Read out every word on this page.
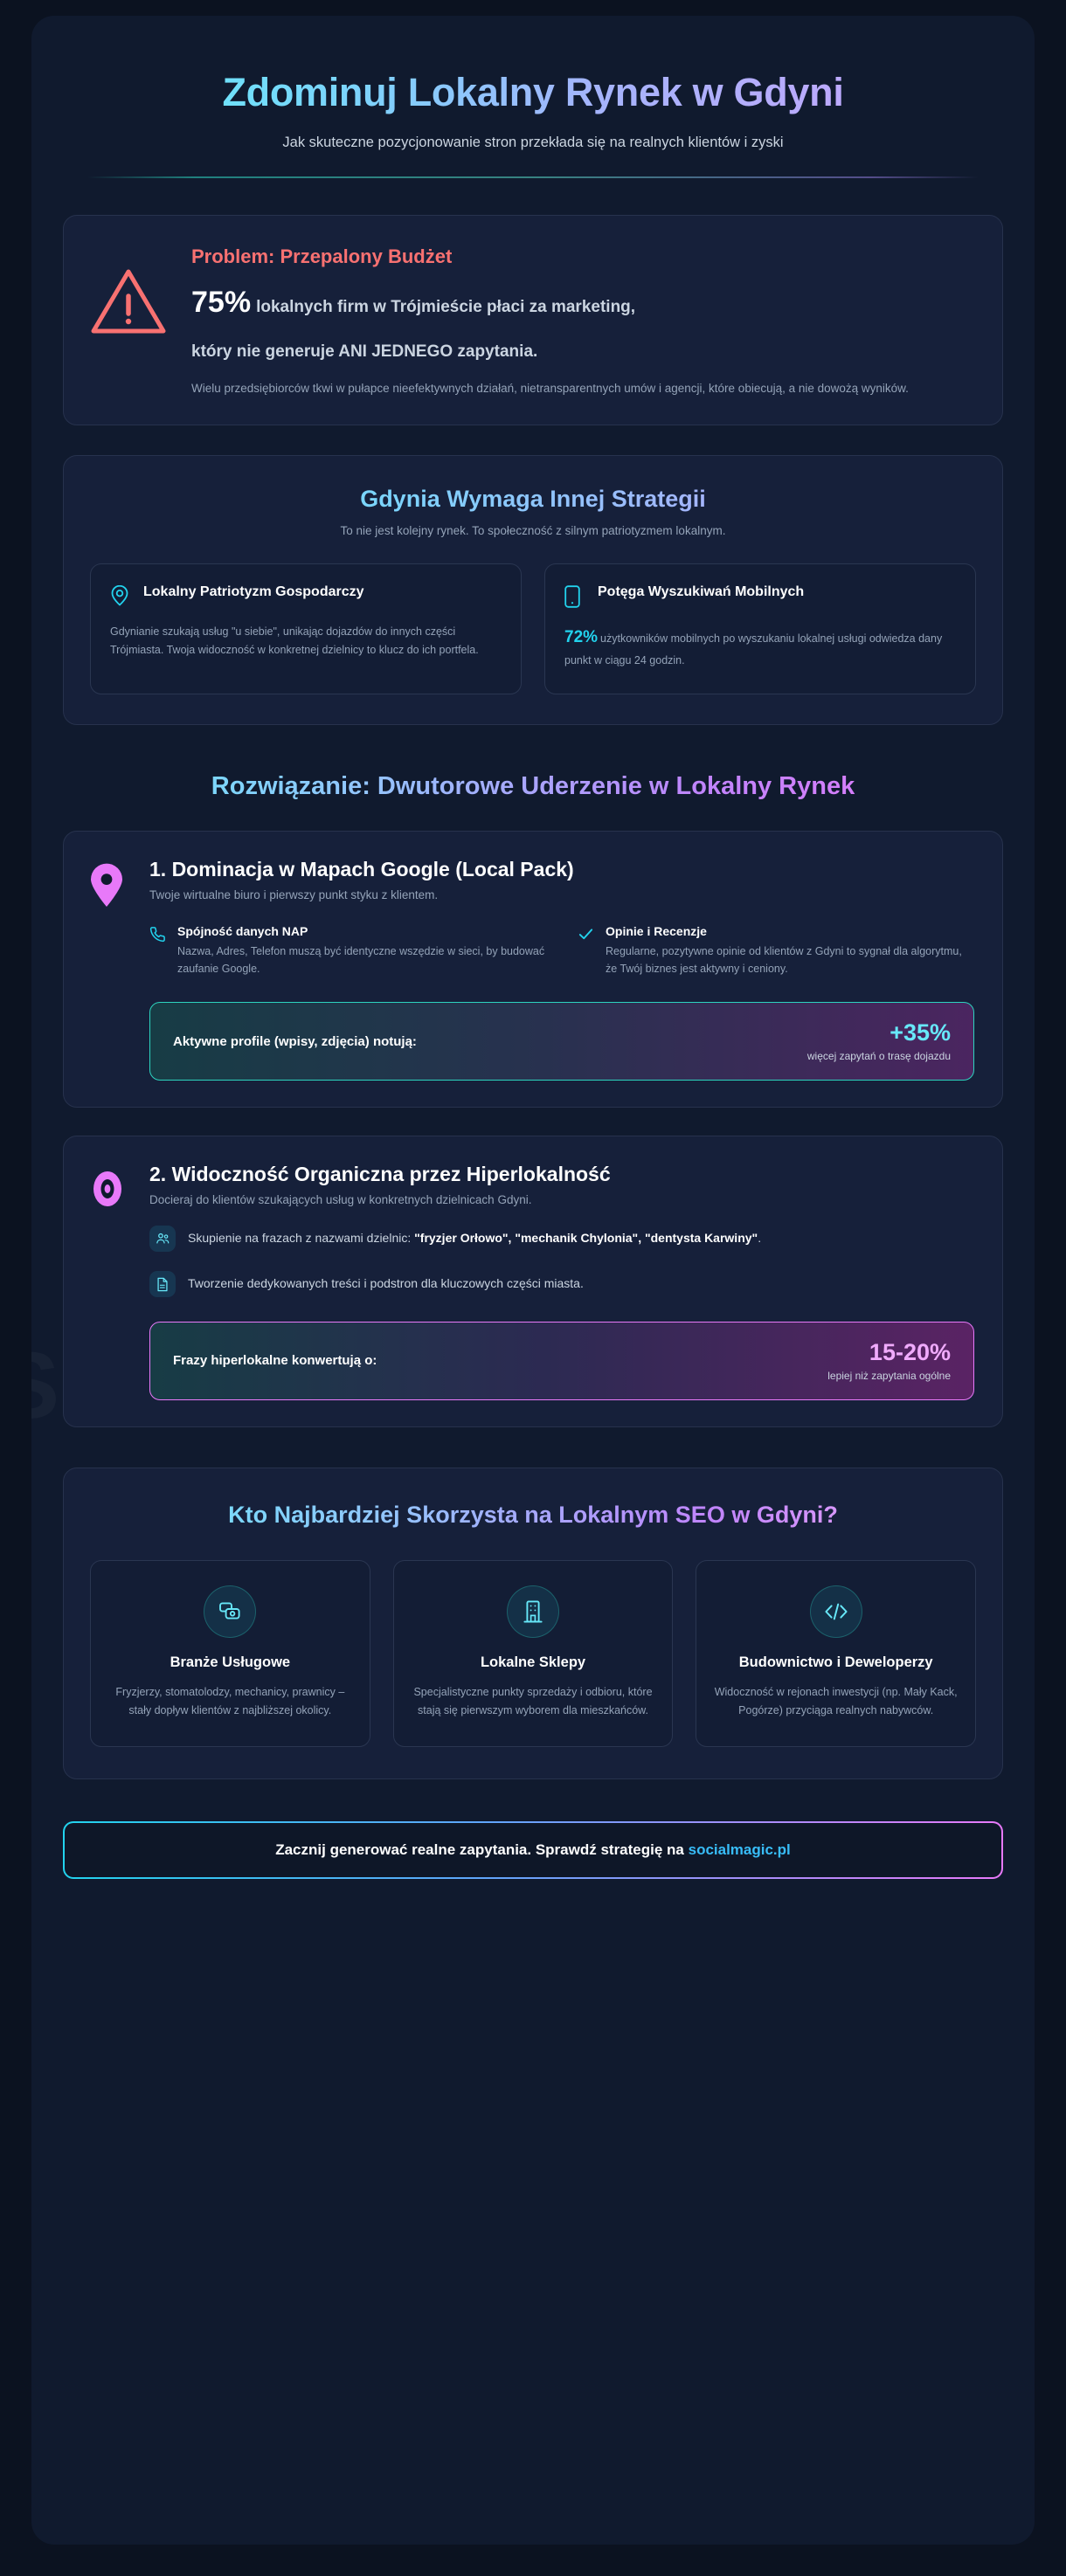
Zdominuj Lokalny Rynek w Gdyni

Jak skuteczne pozycjonowanie stron przekłada się na realnych klientów i zyski

Problem: Przepalony Budżet
75% lokalnych firm w Trójmieście płaci za marketing,
który nie generuje ANI JEDNEGO zapytania.

Wielu przedsiębiorców tkwi w pułapce nieefektywnych działań, nietransparentnych umów i agencji, które obiecują, a nie dowożą wyników.

Gdynia Wymaga Innej Strategii
To nie jest kolejny rynek. To społeczność z silnym patriotyzmem lokalnym.
Lokalny Patriotyzm Gospodarczy

Gdynianie szukają usług "u siebie", unikając dojazdów do innych części Trójmiasta. Twoja widoczność w konkretnej dzielnicy to klucz do ich portfela.

Potęga Wyszukiwań Mobilnych

72% użytkowników mobilnych po wyszukaniu lokalnej usługi odwiedza dany punkt w ciągu 24 godzin.

Rozwiązanie: Dwutorowe Uderzenie w Lokalny Rynek
1. Dominacja w Mapach Google (Local Pack)
Twoje wirtualne biuro i pierwszy punkt styku z klientem.
Spójność danych NAP
Nazwa, Adres, Telefon muszą być identyczne wszędzie w sieci, by budować zaufanie Google.
Opinie i Recenzje
Regularne, pozytywne opinie od klientów z Gdyni to sygnał dla algorytmu, że Twój biznes jest aktywny i ceniony.
Aktywne profile (wpisy, zdjęcia) notują:	+35%
więcej zapytań o trasę dojazdu
2. Widoczność Organiczna przez Hiperlokalność
Docieraj do klientów szukających usług w konkretnych dzielnicach Gdyni.
Skupienie na frazach z nazwami dzielnic: "fryzjer Orłowo", "mechanik Chylonia", "dentysta Karwiny".
Tworzenie dedykowanych treści i podstron dla kluczowych części miasta.
Frazy hiperlokalne konwertują o:	15-20%
lepiej niż zapytania ogólne
Kto Najbardziej Skorzysta na Lokalnym SEO w Gdyni?
Branże Usługowe
Fryzjerzy, stomatolodzy, mechanicy, prawnicy – stały dopływ klientów z najbliższej okolicy.
Lokalne Sklepy
Specjalistyczne punkty sprzedaży i odbioru, które stają się pierwszym wyborem dla mieszkańców.
Budownictwo i Deweloperzy
Widoczność w rejonach inwestycji (np. Mały Kack, Pogórze) przyciąga realnych nabywców.
Zacznij generować realne zapytania. Sprawdź strategię na socialmagic.pl
